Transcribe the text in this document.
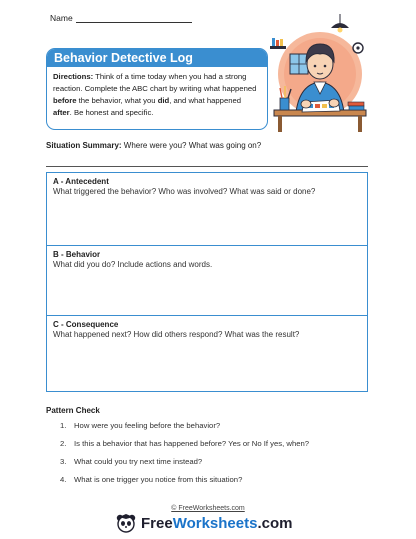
Name
Behavior Detective Log
Directions: Think of a time today when you had a strong reaction. Complete the ABC chart by writing what happened before the behavior, what you did, and what happened after. Be honest and specific.
Situation Summary: Where were you? What was going on?
A - Antecedent
What triggered the behavior? Who was involved? What was said or done?
B - Behavior
What did you do? Include actions and words.
C - Consequence
What happened next? How did others respond? What was the result?
Pattern Check
1. How were you feeling before the behavior?
2. Is this a behavior that has happened before? Yes or No If yes, when?
3. What could you try next time instead?
4. What is one trigger you notice from this situation?
© FreeWorksheets.com
FreeWorksheets.com
